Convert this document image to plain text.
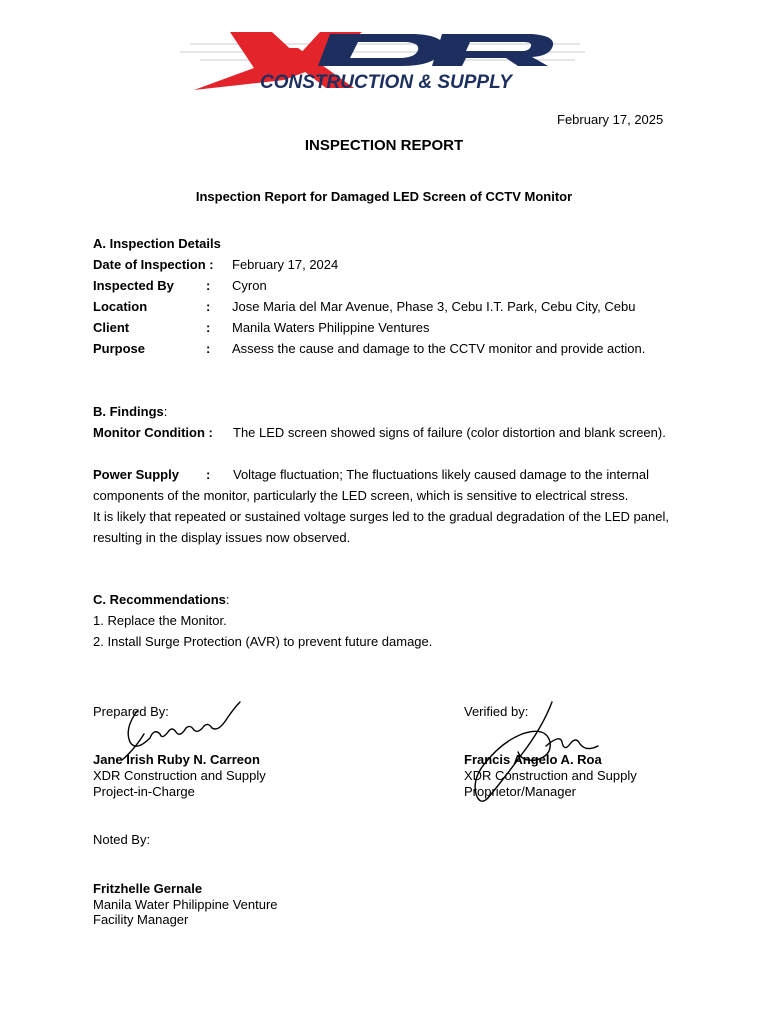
CONSTRUCTION & SUPPLY
February 17, 2025
INSPECTION REPORT
Inspection Report for Damaged LED Screen of CCTV Monitor
A. Inspection Details
Date of Inspection : February 17, 2024
Inspected By : Cyron
Location	: Jose Maria del Mar Avenue, Phase 3, Cebu I.T. Park, Cebu City, Cebu
Client	: Manila Waters Philippine Ventures
Purpose	: Assess the cause and damage to the CCTV monitor and provide action.
B. Findings:
Monitor Condition : The LED screen showed signs of failure (color distortion and blank screen).
Power Supply : Voltage fluctuation; The fluctuations likely caused damage to the internal
components of the monitor, particularly the LED screen, which is sensitive to electrical stress.
It is likely that repeated or sustained voltage surges led to the gradual degradation of the LED panel,
resulting in the display issues now observed.
C. Recommendations:
1. Replace the Monitor.
2. Install Surge Protection (AVR) to prevent future damage.
Prepared By:
Jane Irish Ruby N. Carreon
XDR Construction and Supply
Project-in-Charge
Verified by:
Francis Angelo A. Roa
XDR Construction and Supply
Proprietor/Manager
Noted By:
Fritzhelle Gernale
Manila Water Philippine Venture
Facility Manager
